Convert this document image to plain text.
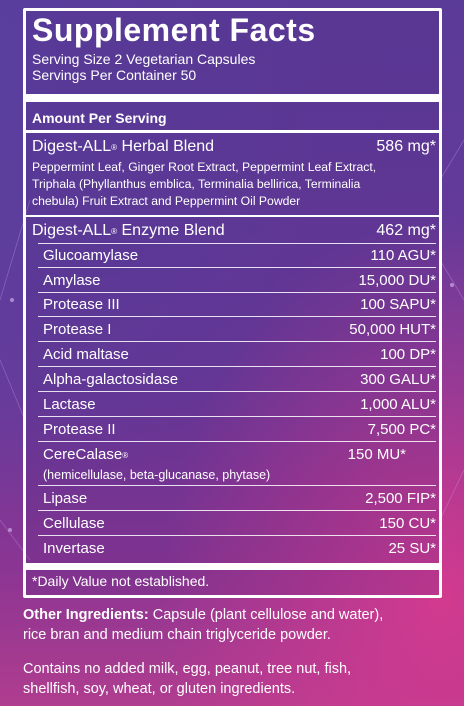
Supplement Facts
Serving Size 2 Vegetarian Capsules
Servings Per Container 50
Amount Per Serving
Digest-ALL® Herbal Blend	586 mg*
Peppermint Leaf, Ginger Root Extract, Peppermint Leaf Extract,
Triphala (Phyllanthus emblica, Terminalia bellirica, Terminalia
chebula) Fruit Extract and Peppermint Oil Powder
Digest-ALL® Enzyme Blend	462 mg*
Glucoamylase	110 AGU*
Amylase	15,000 DU*
Protease III	100 SAPU*
Protease I	50,000 HUT*
Acid maltase	100 DP*
Alpha-galactosidase	300 GALU*
Lactase	1,000 ALU*
Protease II	7,500 PC*
CereCalase®	150 MU*
(hemicellulase, beta-glucanase, phytase)
Lipase	2,500 FIP*
Cellulase	150 CU*
Invertase	25 SU*
*Daily Value not established.
Other Ingredients: Capsule (plant cellulose and water),
rice bran and medium chain triglyceride powder.
Contains no added milk, egg, peanut, tree nut, fish,
shellfish, soy, wheat, or gluten ingredients.
